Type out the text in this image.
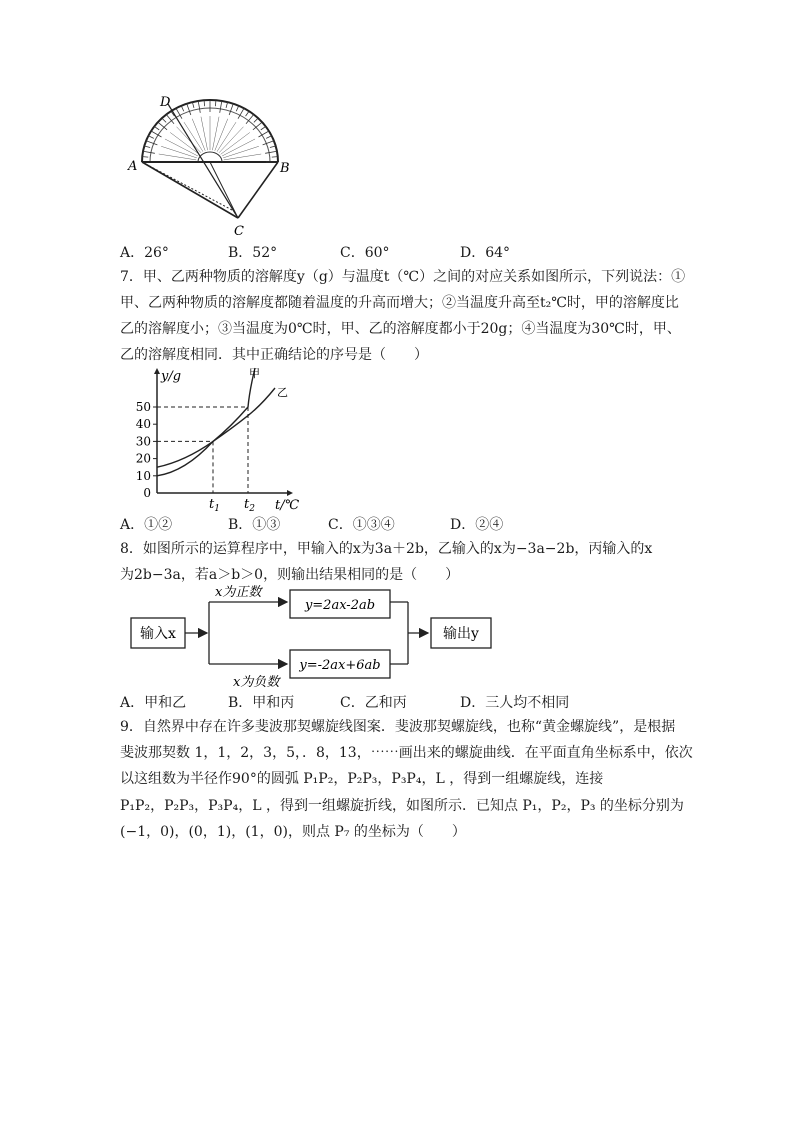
A	B
C
D
A．26°	B．52°	C．60°	D．64°
7．甲、乙两种物质的溶解度y（g）与温度t（℃）之间的对应关系如图所示，下列说法：①
甲、乙两种物质的溶解度都随着温度的升高而增大；②当温度升高至t₂℃时，甲的溶解度比
乙的溶解度小；③当温度为0℃时，甲、乙的溶解度都小于20g；④当温度为30℃时，甲、
乙的溶解度相同．其中正确结论的序号是（　　）
0
10
20
30
40
50
$t_1$ $t_2$
y/g
t/℃
甲
乙
A．①②	B．①③	C．①③④	D．②④
8．如图所示的运算程序中，甲输入的x为3a＋2b，乙输入的x为−3a−2b，丙输入的x
为2b−3a，若a＞b＞0，则输出结果相同的是（　　）
输入x
x为正数
x为负数
y=2ax-2ab
y=-2ax+6ab
输出y
A．甲和乙	B．甲和丙	C．乙和丙	D．三人均不相同
9．自然界中存在许多斐波那契螺旋线图案．斐波那契螺旋线，也称“黄金螺旋线”，是根据
斐波那契数 1，1，2，3，5，．8，13，⋯⋯画出来的螺旋曲线．在平面直角坐标系中，依次
以这组数为半径作90°的圆弧 P₁P₂，P₂P₃，P₃P₄，L ，得到一组螺旋线，连接
P₁P₂，P₂P₃，P₃P₄，L ，得到一组螺旋折线，如图所示．已知点 P₁，P₂，P₃ 的坐标分别为
(−1，0)，(0，1)，(1，0)，则点 P₇ 的坐标为（　　）
